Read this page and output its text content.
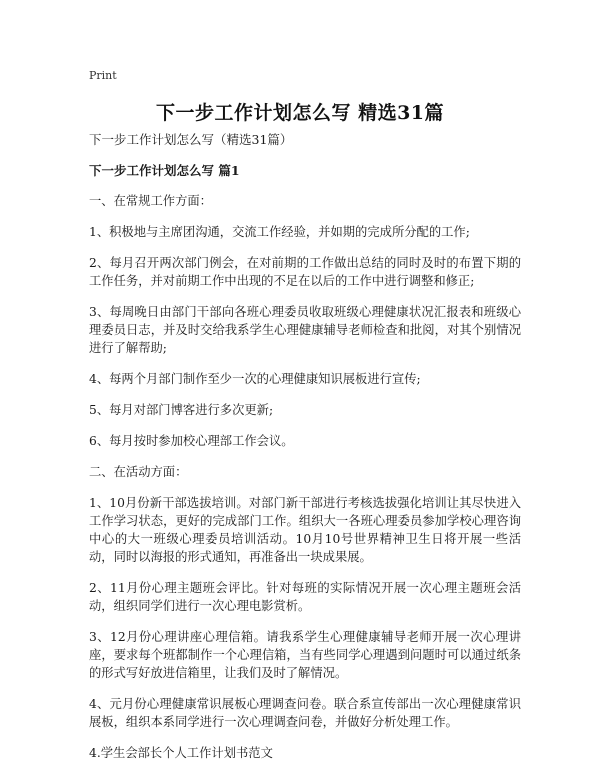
Print
下一步工作计划怎么写 精选31篇
下一步工作计划怎么写（精选31篇）
下一步工作计划怎么写 篇1
一、在常规工作方面：
1、积极地与主席团沟通，交流工作经验，并如期的完成所分配的工作;
2、每月召开两次部门例会，在对前期的工作做出总结的同时及时的布置下期的工作任务，并对前期工作中出现的不足在以后的工作中进行调整和修正;
3、每周晚日由部门干部向各班心理委员收取班级心理健康状况汇报表和班级心理委员日志，并及时交给我系学生心理健康辅导老师检查和批阅，对其个别情况进行了解帮助;
4、每两个月部门制作至少一次的心理健康知识展板进行宣传;
5、每月对部门博客进行多次更新;
6、每月按时参加校心理部工作会议。
二、在活动方面：
1、10月份新干部选拔培训。对部门新干部进行考核选拔强化培训让其尽快进入工作学习状态，更好的完成部门工作。组织大一各班心理委员参加学校心理咨询中心的大一班级心理委员培训活动。10月10号世界精神卫生日将开展一些活动，同时以海报的形式通知，再准备出一块成果展。
2、11月份心理主题班会评比。针对每班的实际情况开展一次心理主题班会活动，组织同学们进行一次心理电影赏析。
3、12月份心理讲座心理信箱。请我系学生心理健康辅导老师开展一次心理讲座，要求每个班都制作一个心理信箱，当有些同学心理遇到问题时可以通过纸条的形式写好放进信箱里，让我们及时了解情况。
4、元月份心理健康常识展板心理调查问卷。联合系宣传部出一次心理健康常识展板，组织本系同学进行一次心理调查问卷，并做好分析处理工作。
4.学生会部长个人工作计划书范文
